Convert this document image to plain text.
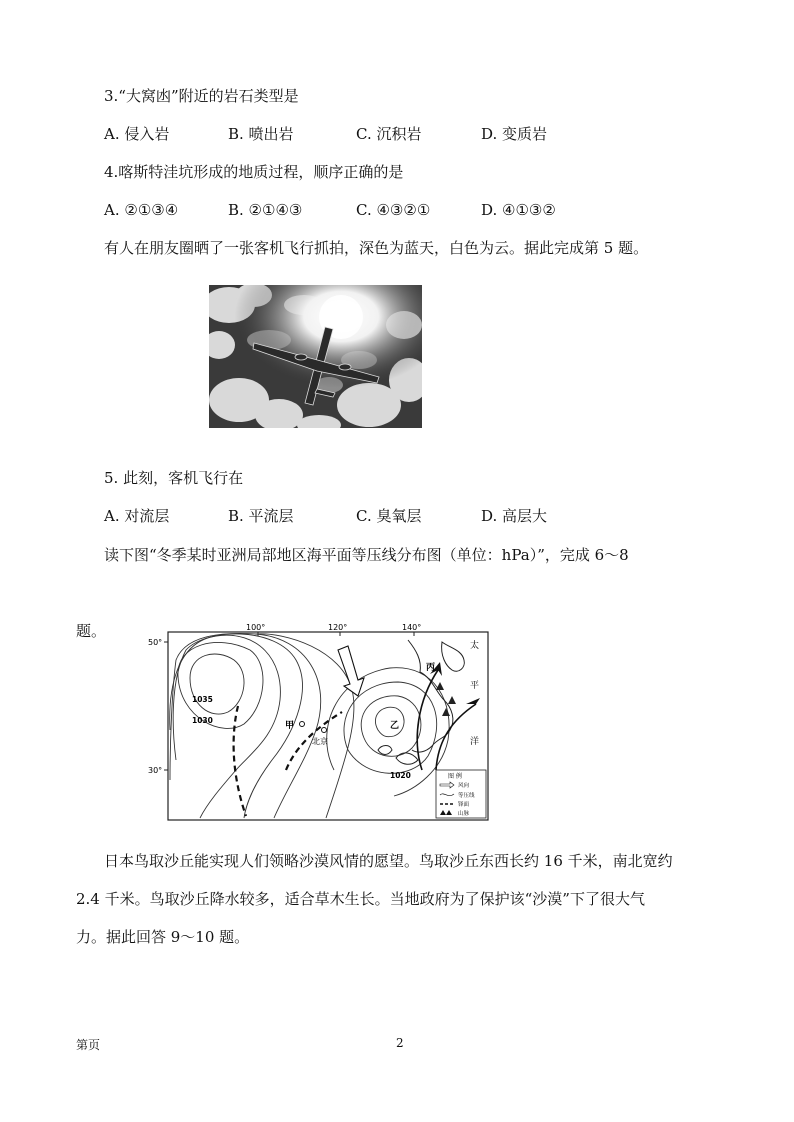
3.“大窝凼”附近的岩石类型是
A. 侵入岩	B. 喷出岩	C. 沉积岩	D. 变质岩
4.喀斯特洼坑形成的地质过程，顺序正确的是
A. ②①③④	B. ②①④③	C. ④③②①	D. ④①③②
有人在朋友圈晒了一张客机飞行抓拍，深色为蓝天，白色为云。据此完成第 5 题。
5. 此刻，客机飞行在
A. 对流层	B. 平流层	C. 臭氧层	D. 高层大
读下图“冬季某时亚洲局部地区海平面等压线分布图（单位：hPa）”，完成 6～8
题。	100°	120°	140°
50°
30°
甲	乙
丙
北京
1035
1030
1020
太
平
洋
图 例
风向
等压线
锋面
山脉
日本鸟取沙丘能实现人们领略沙漠风情的愿望。鸟取沙丘东西长约 16 千米，南北宽约
2.4 千米。鸟取沙丘降水较多，适合草木生长。当地政府为了保护该“沙漠”下了很大气
力。据此回答 9～10 题。
第页	2
